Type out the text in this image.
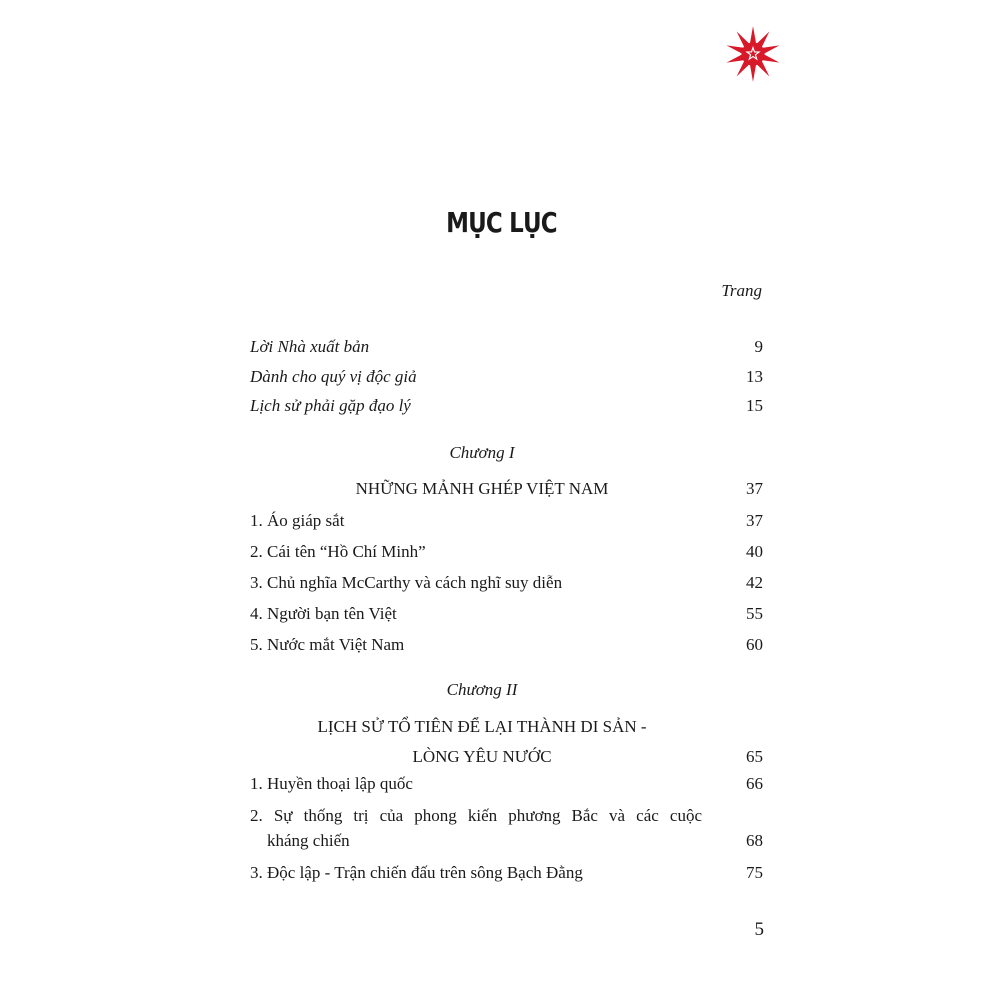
MỤC LỤC
Trang
Lời Nhà xuất bản	9
Dành cho quý vị độc giả	13
Lịch sử phải gặp đạo lý	15
Chương I
NHỮNG MẢNH GHÉP VIỆT NAM	37
1. Áo giáp sắt	37
2. Cái tên “Hồ Chí Minh”	40
3. Chủ nghĩa McCarthy và cách nghĩ suy diễn	42
4. Người bạn tên Việt	55
5. Nước mắt Việt Nam	60
Chương II
LỊCH SỬ TỔ TIÊN ĐỂ LẠI THÀNH DI SẢN -
LÒNG YÊU NƯỚC	65
1. Huyền thoại lập quốc	66
2. Sự thống trị của phong kiến phương Bắc và các cuộc
kháng chiến	68
3. Độc lập - Trận chiến đấu trên sông Bạch Đằng	75
5
